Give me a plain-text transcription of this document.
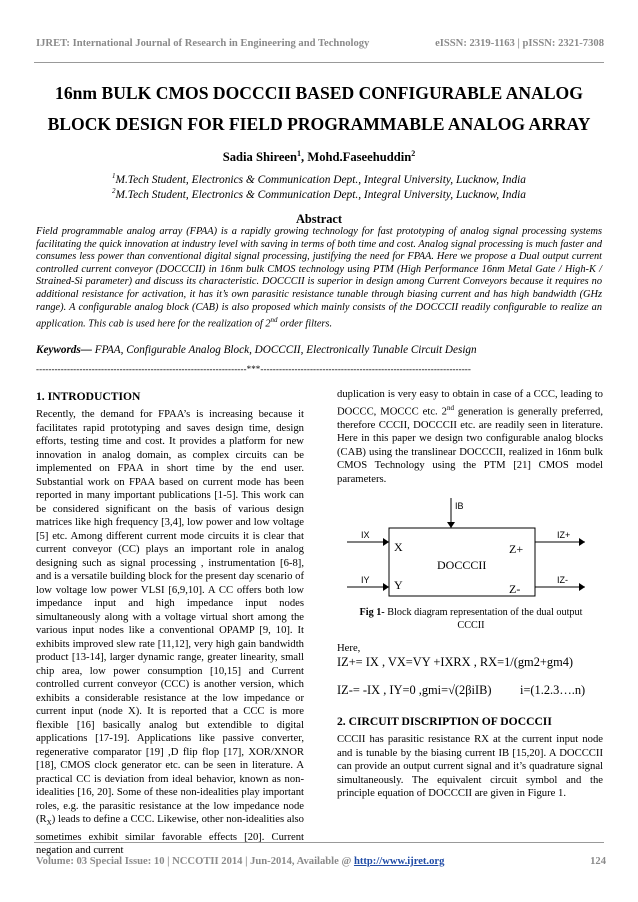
IJRET: International Journal of Research in Engineering and Technology	eISSN: 2319-1163 | pISSN: 2321-7308
16nm BULK CMOS DOCCCII BASED CONFIGURABLE ANALOG
BLOCK DESIGN FOR FIELD PROGRAMMABLE ANALOG ARRAY
Sadia Shireen$^1$, Mohd.Faseehuddin$^2$
$^1$M.Tech Student, Electronics & Communication Dept., Integral University, Lucknow, India
$^2$M.Tech Student, Electronics & Communication Dept., Integral University, Lucknow, India
Abstract
Field programmable analog array (FPAA) is a rapidly growing technology for fast prototyping of analog signal processing systems facilitating the quick innovation at industry level with saving in terms of both time and cost. Analog signal processing is much faster and consumes less power than conventional digital signal processing, justifying the need for FPAA. Here we propose a Dual output current controlled current conveyor (DOCCCII) in 16nm bulk CMOS technology using PTM (High Performance 16nm Metal Gate / High-K / Strained-Si parameter) and discuss its characteristic. DOCCCII is superior in design among Current Conveyors because it requires no additional resistance for activation, it has it’s own parasitic resistance tunable through biasing current and has high bandwidth (GHz range). A configurable analog block (CAB) is also proposed which mainly consists of the DOCCCII readily configurable to realize an application. This cab is used here for the realization of 2nd order filters.
Keywords— FPAA, Configurable Analog Block, DOCCCII, Electronically Tunable Circuit Design
--------------------------------------------------------------------***--------------------------------------------------------------------
1. INTRODUCTION
Recently, the demand for FPAA’s is increasing because it facilitates rapid prototyping and saves design time, design efforts, testing time and cost. It provides a platform for new innovation in analog domain, as complex circuits can be implemented on FPAA in short time by the end user. Substantial work on FPAA based on current mode has been reported in many important publications [1-5]. This work can be considered significant on the basis of various design matrices like high frequency [3,4], low power and low voltage [5] etc. Among different current mode circuits it is clear that current conveyor (CC) plays an important role in analog designing such as signal processing , instrumentation [6-8], and is a versatile building block for the present day scenario of low voltage low power VLSI [6,9,10]. A CC offers both low impedance input and high impedance input nodes simultaneously along with a voltage virtual short among the various input nodes like a conventional OPAMP [9, 10]. It exhibits improved slew rate [11,12], very high gain bandwidth product [13-14], larger dynamic range, greater linearity, small chip area, low power consumption [10,15] and Current controlled current conveyor (CCC) is another version, which exhibits a considerable resistance at the low impedance or current input (node X). It is reported that a CCC is more flexible [16] basically analog but extendible to digital applications [17-19]. Applications like passive converter, regenerative comparator [19] ,D flip flop [17], XOR/XNOR [18], CMOS clock generator etc. can be seen in literature. A practical CC is deviation from ideal behavior, known as non-idealities [16, 20]. Some of these non-idealities play important roles, e.g. the parasitic resistance at the low impedance node $(R_X)$ leads to define a CCC. Likewise, other non-idealities also sometimes exhibit similar favorable effects [20]. Current negation and current
duplication is very easy to obtain in case of a CCC, leading to DOCCC, MOCCC etc. 2nd generation is generally preferred, therefore CCCII, DOCCCII etc. are readily seen in literature. Here in this paper we design two configurable analog blocks (CAB) using the translinear DOCCCII, realized in 16nm bulk CMOS Technology using the PTM [21] CMOS model parameters.
IB
IX
IY
IZ+
IZ-
X
Y
Z+
Z-
DOCCCII
Fig 1- Block diagram representation of the dual output CCCII
Here,
IZ+= IX , VX=VY +IXRX , RX=1/(gm2+gm4)
IZ-= -IX , IY=0 ,gmi=√(2βiIB) i=(1.2.3….n)
2. CIRCUIT DISCRIPTION OF DOCCCII
CCCII has parasitic resistance RX at the current input node and is tunable by the biasing current IB [15,20]. A DOCCCII can provide an output current signal and it’s quadrature signal simultaneously. The equivalent circuit symbol and the principle equation of DOCCCII are given in Figure 1.
Volume: 03 Special Issue: 10 | NCCOTII 2014 | Jun-2014, Available @ http://www.ijret.org	124
